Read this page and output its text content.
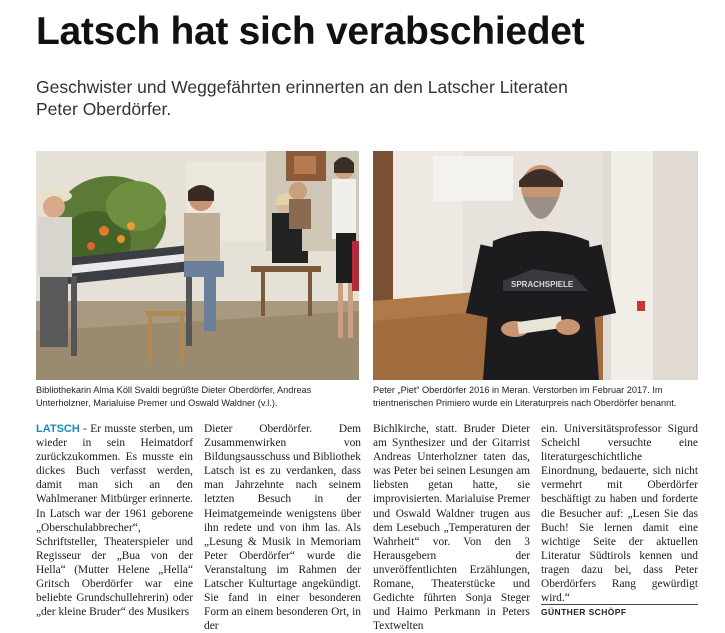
Latsch hat sich verabschiedet

Geschwister und Weggefährten erinnerten an den Latscher Literaten Peter Oberdörfer.

SPRACHSPIELE

Bibliothekarin Alma Köll Svaldi begrüßte Dieter Oberdörfer, Andreas Unterholzner, Marialuise Premer und Oswald Waldner (v.l.).

Peter „Piet“ Oberdörfer 2016 in Meran. Verstorben im Februar 2017. Im trientnerischen Primiero wurde ein Literaturpreis nach Oberdörfer benannt.

LATSCH - Er musste sterben, um wieder in sein Heimatdorf zurückzukommen. Es musste ein dickes Buch verfasst werden, damit man sich an den Wahlmeraner Mitbürger erinnerte. In Latsch war der 1961 geborene „Oberschulabbrecher“, Schriftsteller, Theaterspieler und Regisseur der „Bua von der Hella“ (Mutter Helene „Hella“ Gritsch Oberdörfer war eine beliebte Grundschullehrerin) oder „der kleine Bruder“ des Musikers

Dieter Oberdörfer. Dem Zusammenwirken von Bildungsausschuss und Bibliothek Latsch ist es zu verdanken, dass man Jahrzehnte nach seinem letzten Besuch in der Heimatgemeinde wenigstens über ihn redete und von ihm las. Als „Lesung & Musik in Memoriam Peter Oberdörfer“ wurde die Veranstaltung im Rahmen der Latscher Kulturtage angekündigt. Sie fand in einer besonderen Form an einem besonderen Ort, in der

Bichlkirche, statt. Bruder Dieter am Synthesizer und der Gitarrist Andreas Unterholzner taten das, was Peter bei seinen Lesungen am liebsten getan hatte, sie improvisierten. Marialuise Premer und Oswald Waldner trugen aus dem Lesebuch „Temperaturen der Wahrheit“ vor. Von den 3 Herausgebern der unveröffentlichten Erzählungen, Romane, Theaterstücke und Gedichte führten Sonja Steger und Haimo Perkmann in Peters Textwelten

ein. Universitätsprofessor Sigurd Scheichl versuchte eine literaturgeschichtliche Einordnung, bedauerte, sich nicht vermehrt mit Oberdörfer beschäftigt zu haben und forderte die Besucher auf: „Lesen Sie das Buch! Sie lernen damit eine wichtige Seite der aktuellen Literatur Südtirols kennen und tragen dazu bei, dass Peter Oberdörfers Rang gewürdigt wird.“

GÜNTHER SCHÖPF
